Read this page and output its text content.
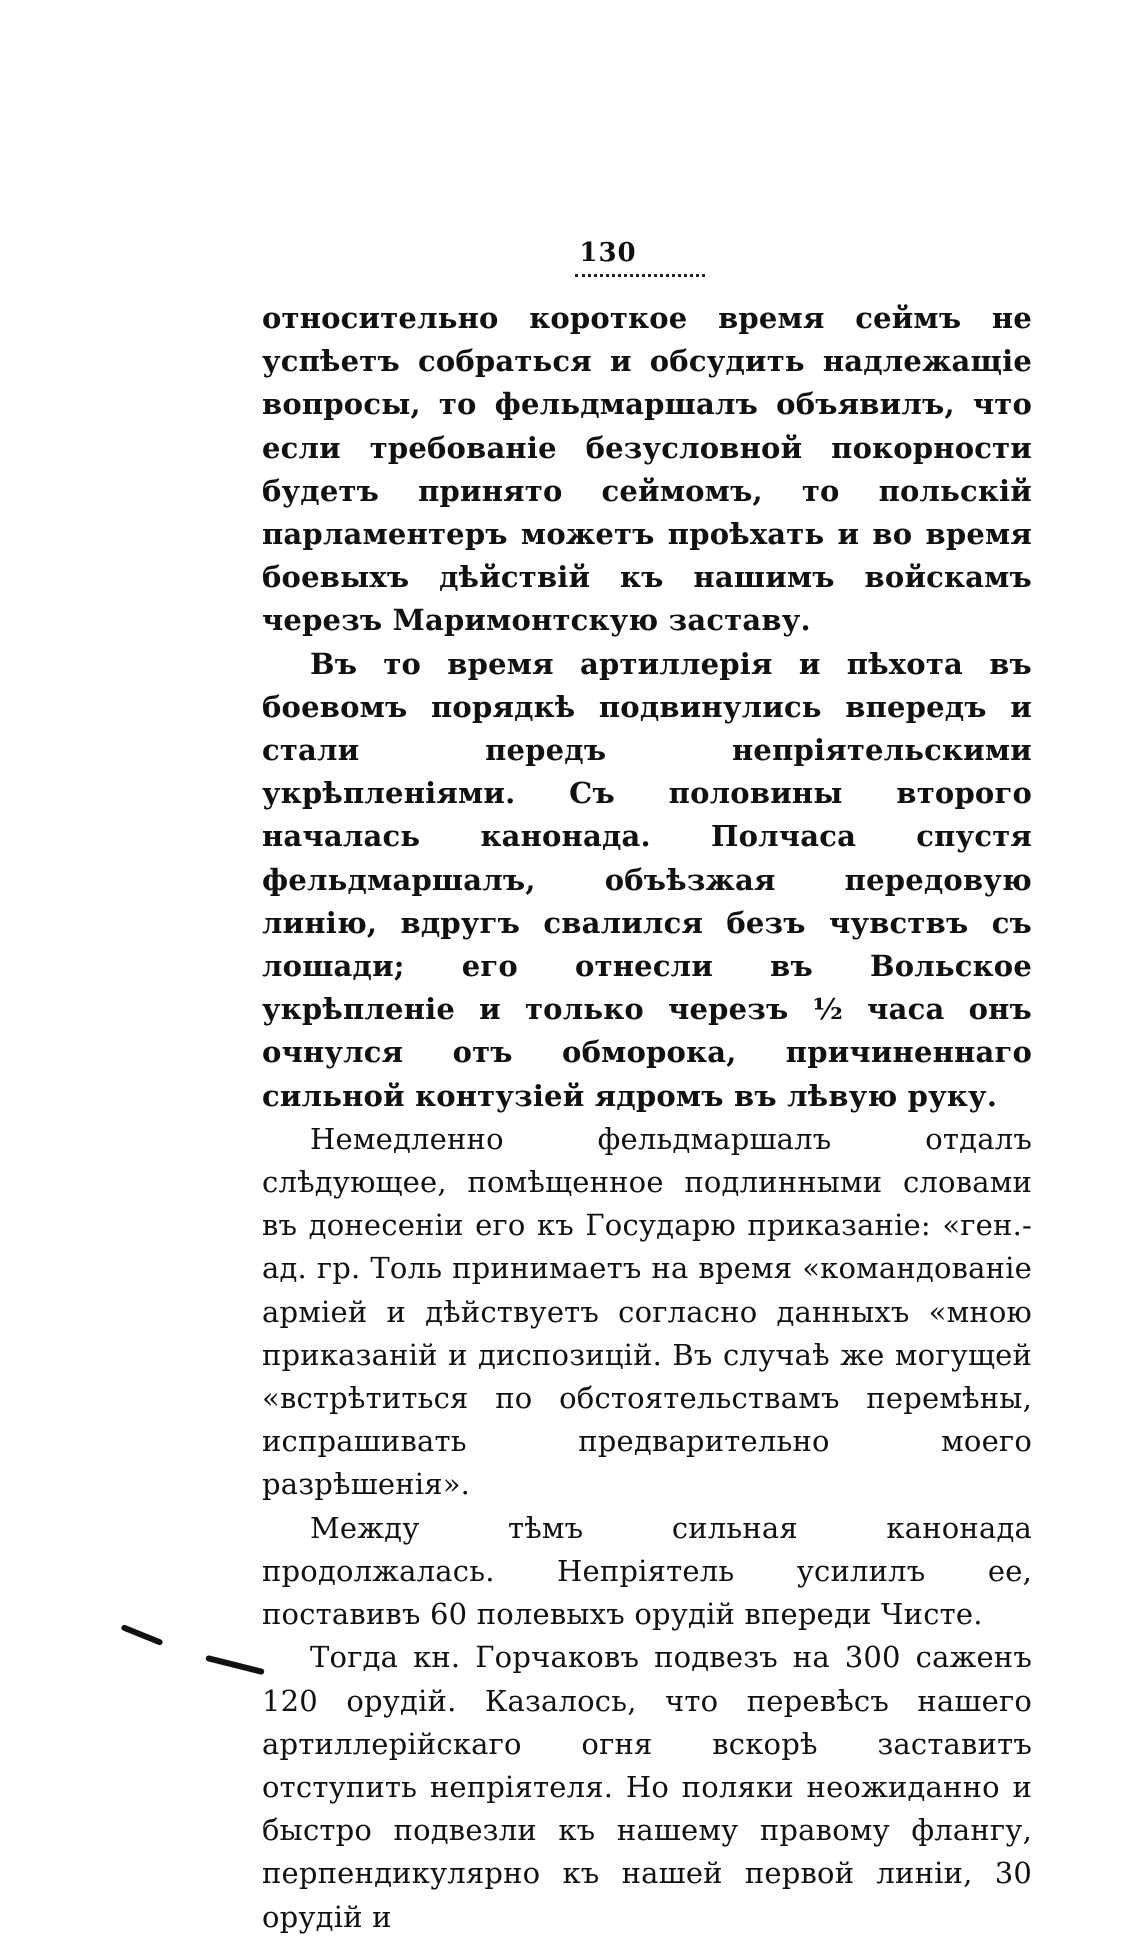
130

относительно короткое время сеймъ не успѣетъ собраться и обсудить надлежащіе вопросы, то фельдмаршалъ объявилъ, что если требованіе безусловной покорности будетъ принято сеймомъ, то польскій парламентеръ можетъ проѣхать и во время боевыхъ дѣйствій къ нашимъ войскамъ черезъ Маримонтскую заставу.

Въ то время артиллерія и пѣхота въ боевомъ порядкѣ подвинулись впередъ и стали передъ непріятельскими укрѣпленіями. Съ половины второго началась канонада. Полчаса спустя фельдмаршалъ, объѣзжая передовую линію, вдругъ свалился безъ чувствъ съ лошади; его отнесли въ Вольское укрѣпленіе и только черезъ ½ часа онъ очнулся отъ обморока, причиненнаго сильной контузіей ядромъ въ лѣвую руку.

Немедленно фельдмаршалъ отдалъ слѣдующее, помѣщенное подлинными словами въ донесеніи его къ Государю приказаніе: «ген.-ад. гр. Толь принимаетъ на время «командованіе арміей и дѣйствуетъ согласно данныхъ «мною приказаній и диспозицій. Въ случаѣ же могущей «встрѣтиться по обстоятельствамъ перемѣны, испрашивать предварительно моего разрѣшенія».

Между тѣмъ сильная канонада продолжалась. Непріятель усилилъ ее, поставивъ 60 полевыхъ орудій впереди Чисте.

Тогда кн. Горчаковъ подвезъ на 300 саженъ 120 орудій. Казалось, что перевѣсъ нашего артиллерійскаго огня вскорѣ заставитъ отступить непріятеля. Но поляки неожиданно и быстро подвезли къ нашему правому флангу, перпендикулярно къ нашей первой линіи, 30 орудій и
